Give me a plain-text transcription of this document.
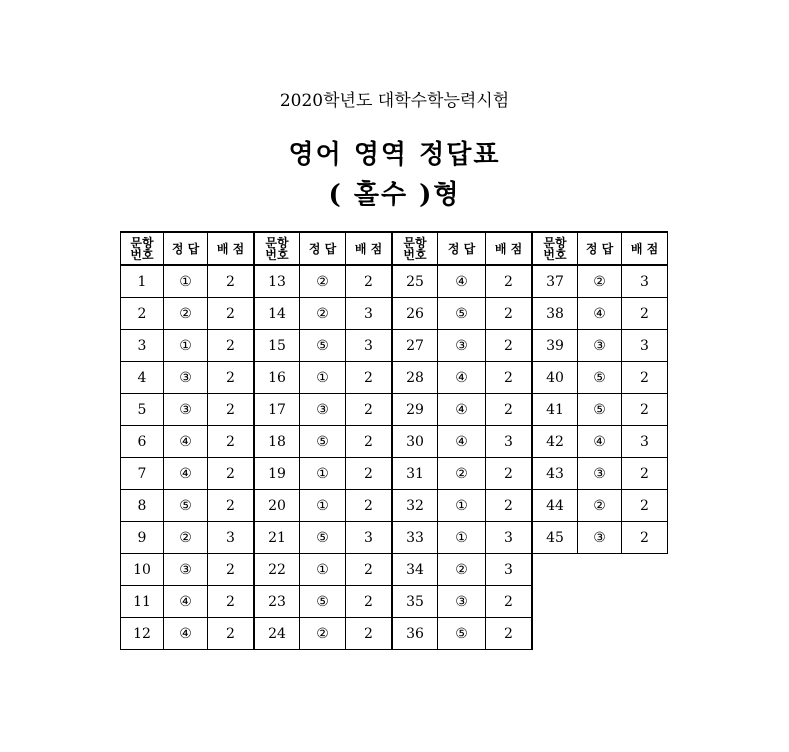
2020학년도 대학수학능력시험
영어 영역 정답표
( 홀수 )형
문항
번호	정 답	배 점	문항
번호	정 답	배 점	문항
번호	정 답	배 점	문항
번호	정 답	배 점
1	①	2	13	②	2	25	④	2	37	②	3
2	②	2	14	②	3	26	⑤	2	38	④	2
3	①	2	15	⑤	3	27	③	2	39	③	3
4	③	2	16	①	2	28	④	2	40	⑤	2
5	③	2	17	③	2	29	④	2	41	⑤	2
6	④	2	18	⑤	2	30	④	3	42	④	3
7	④	2	19	①	2	31	②	2	43	③	2
8	⑤	2	20	①	2	32	①	2	44	②	2
9	②	3	21	⑤	3	33	①	3	45	③	2
10	③	2	22	①	2	34	②	3
11	④	2	23	⑤	2	35	③	2
12	④	2	24	②	2	36	⑤	2
